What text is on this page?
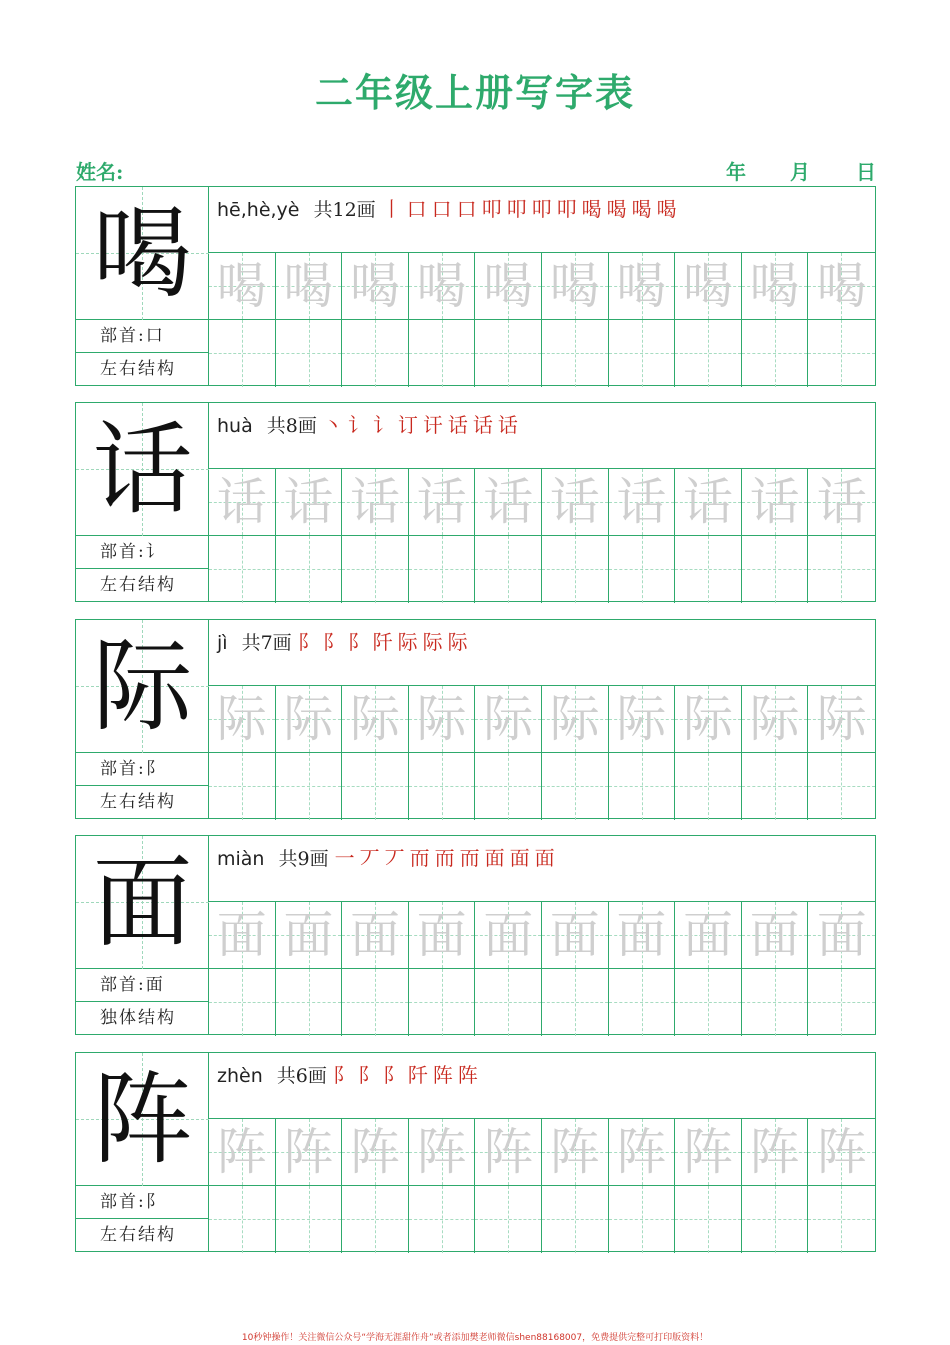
二年级上册写字表
姓名:	年 月 日
喝
部首:口
左右结构
hē,hè,yè 共12画 丨 口 口 口 叩 叩 叩 叩 喝 喝 喝 喝
喝 喝 喝 喝 喝 喝 喝 喝 喝 喝
话
部首:讠
左右结构
huà 共8画 丶 讠 讠 订 讦 话 话 话
话 话 话 话 话 话 话 话 话 话
际
部首:阝
左右结构
jì 共7画 阝 阝 阝 阡 际 际 际
际 际 际 际 际 际 际 际 际 际
面
部首:面
独体结构
miàn 共9画 一 丆 丆 而 而 而 面 面 面
面 面 面 面 面 面 面 面 面 面
阵
部首:阝
左右结构
zhèn 共6画 阝 阝 阝 阡 阵 阵
阵 阵 阵 阵 阵 阵 阵 阵 阵 阵
10秒钟操作！关注微信公众号“学海无涯甜作舟”或者添加樊老师微信shen88168007，免费提供完整可打印版资料！
